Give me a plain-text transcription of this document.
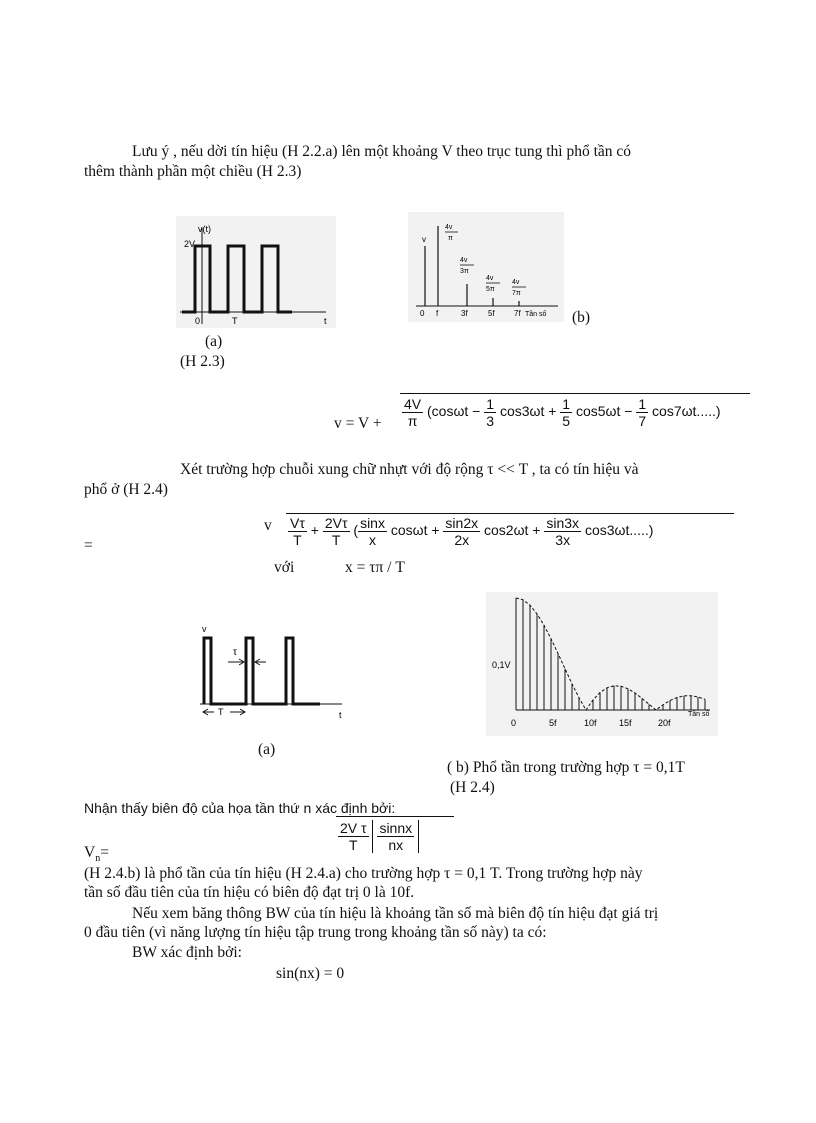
Lưu ý , nếu dời tín hiệu (H 2.2.a) lên một khoảng V theo trục tung thì phổ tần có
thêm thành phần một chiều (H 2.3)
v(t)
2V
0	T	t
(a)
(H 2.3)
v
4v
π
4v
3π
4v
5π
4v
7π
0 f	3f	5f 7f Tần số (b)
$v = V + \frac{4V}{\pi} (\cos\omega t - \frac{1}{3} \cos 3\omega t + \frac{1}{5} \cos 5\omega t - \frac{1}{7} \cos 7\omega t.....)$
Xét trường hợp chuỗi xung chữ nhựt với độ rộng τ << T , ta có tín hiệu và
phổ ở (H 2.4)
=
v $\frac{V\tau}{T} + \frac{2V\tau}{T}$ ( $\frac{\sin x}{x}$ $\cos\omega t + \frac{\sin 2x}{2x} \cos 2\omega t + \frac{\sin 3x}{3x} \cos 3\omega t$.....)
với	x = τπ / T
v
τ
T	t
(a)
0,1V
0	5f	10f 15f	20f
Tần số
( b) Phổ tần trong trường hợp τ = 0,1T
(H 2.4)
Nhận thấy biên độ của họa tần thứ n xác định bởi:
$V_n=$	$\frac{\text{2V τ}}{T}$
$\frac{\text{sinnx}}{nx}$
(H 2.4.b) là phổ tần của tín hiệu (H 2.4.a) cho trường hợp τ = 0,1 T. Trong trường hợp này
tần số đầu tiên của tín hiệu có biên độ đạt trị 0 là 10f.
Nếu xem băng thông BW của tín hiệu là khoảng tần số mà biên độ tín hiệu đạt giá trị
0 đầu tiên (vì năng lượng tín hiệu tập trung trong khoảng tần số này) ta có:
BW xác định bởi:
sin(nx) = 0
